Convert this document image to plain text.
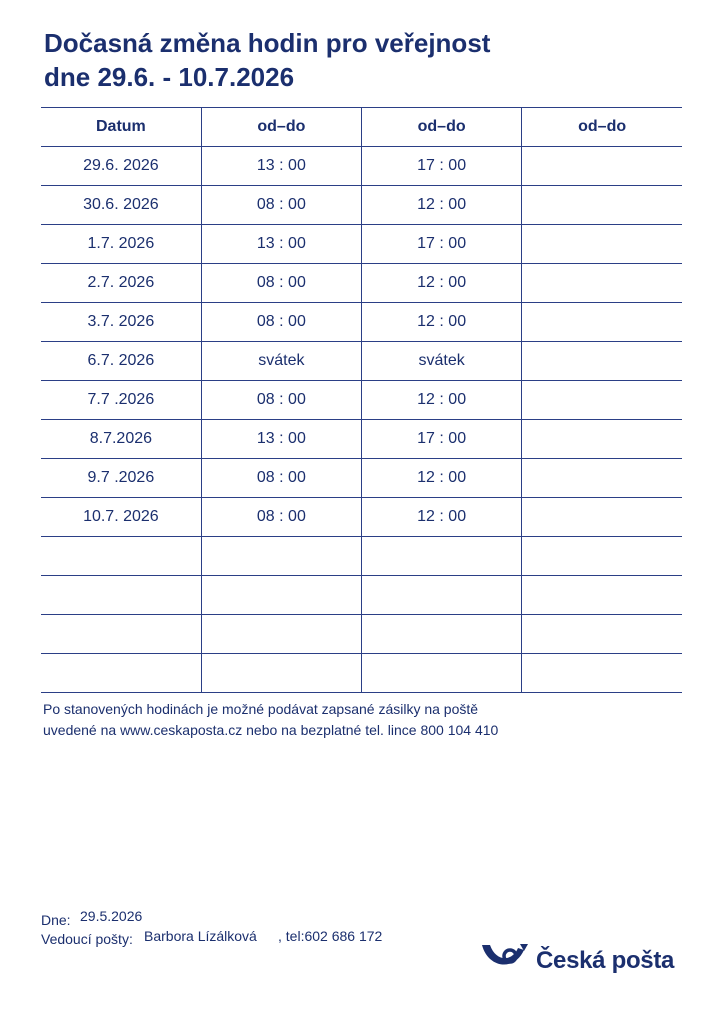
Dočasná změna hodin pro veřejnost
dne 29.6. - 10.7.2026
Datum	od–do	od–do	od–do
29.6. 2026	13 : 00	17 : 00	
30.6. 2026	08 : 00	12 : 00	
1.7. 2026	13 : 00	17 : 00	
2.7. 2026	08 : 00	12 : 00	
3.7. 2026	08 : 00	12 : 00	
6.7. 2026	svátek	svátek	
7.7 .2026	08 : 00	12 : 00	
8.7.2026	13 : 00	17 : 00	
9.7 .2026	08 : 00	12 : 00	
10.7. 2026	08 : 00	12 : 00	

Po stanovených hodinách je možné podávat zapsané zásilky na poště
uvedené na www.ceskaposta.cz nebo na bezplatné tel. lince 800 104 410
Dne: 29.5.2026
Vedoucí pošty: Barbora Lízálková , tel:602 686 172
Česká pošta
